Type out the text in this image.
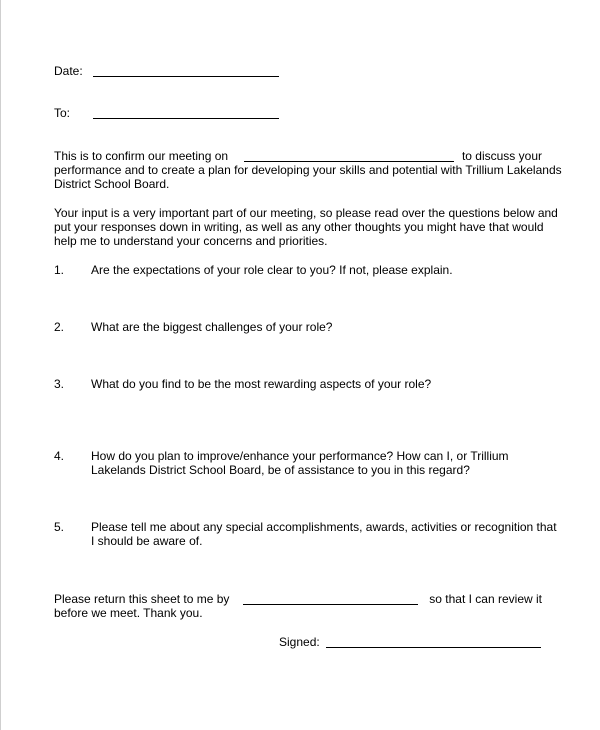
Date:
To:
This is to confirm our meeting on	to discuss your
performance and to create a plan for developing your skills and potential with Trillium Lakelands
District School Board.
Your input is a very important part of our meeting, so please read over the questions below and
put your responses down in writing, as well as any other thoughts you might have that would
help me to understand your concerns and priorities.
1. Are the expectations of your role clear to you? If not, please explain.
2. What are the biggest challenges of your role?
3. What do you find to be the most rewarding aspects of your role?
4. How do you plan to improve/enhance your performance? How can I, or Trillium
Lakelands District School Board, be of assistance to you in this regard?
5. Please tell me about any special accomplishments, awards, activities or recognition that
I should be aware of.
Please return this sheet to me by	so that I can review it
before we meet. Thank you.
Signed:
